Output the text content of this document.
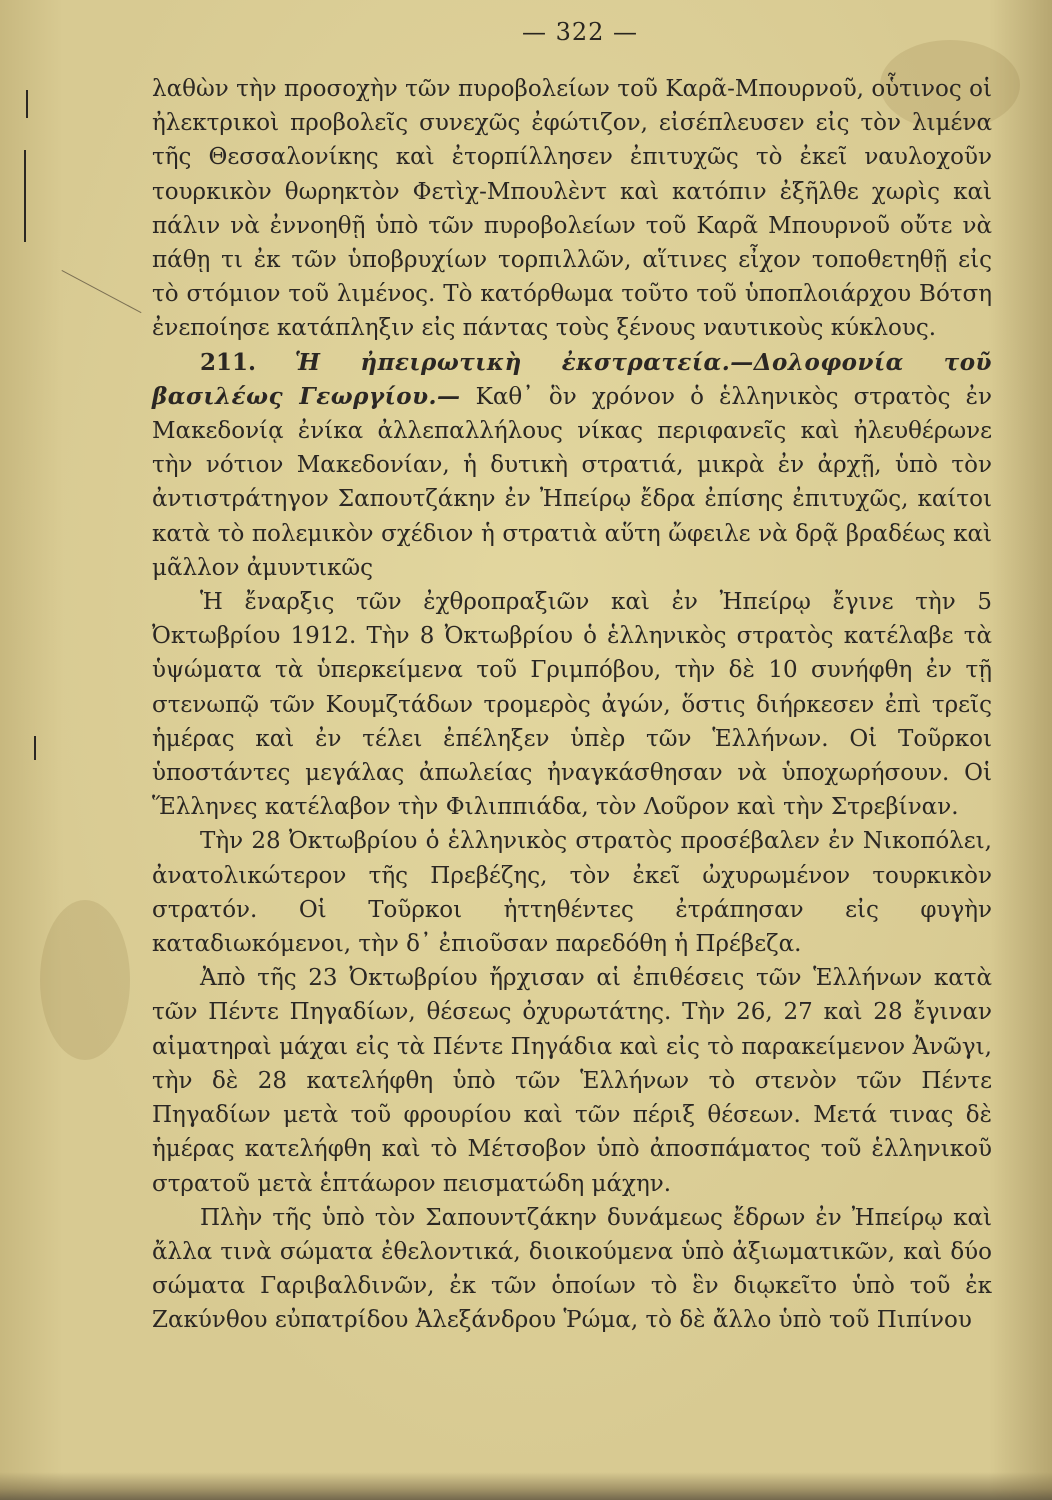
— 322 —

λαθὼν τὴν προσοχὴν τῶν πυροβολείων τοῦ Καρᾶ-Μπουρνοῦ, οὗτινος οἱ ἠλεκτρικοὶ προβολεῖς συνεχῶς ἐφώτιζον, εἰσέπλευσεν εἰς τὸν λιμένα τῆς Θεσσαλονίκης καὶ ἐτορπίλλησεν ἐπιτυχῶς τὸ ἐκεῖ ναυλοχοῦν τουρκικὸν θωρηκτὸν Φετὶχ-Μπουλὲντ καὶ κατόπιν ἐξῆλθε χωρὶς καὶ πάλιν νὰ ἐννοηθῇ ὑπὸ τῶν πυροβολείων τοῦ Καρᾶ Μπουρνοῦ οὔτε νὰ πάθῃ τι ἐκ τῶν ὑποβρυχίων τορπιλλῶν, αἵτινες εἶχον τοποθετηθῇ εἰς τὸ στόμιον τοῦ λιμένος. Τὸ κατόρθωμα τοῦτο τοῦ ὑποπλοιάρχου Βότση ἐνεποίησε κατάπληξιν εἰς πάντας τοὺς ξένους ναυτικοὺς κύκλους.

211. Ἡ ἠπειρωτικὴ ἐκστρατεία.—Δολοφονία τοῦ βασιλέως Γεωργίου.— Καθ᾽ ὃν χρόνον ὁ ἑλληνικὸς στρατὸς ἐν Μακεδονίᾳ ἐνίκα ἀλλεπαλλήλους νίκας περιφανεῖς καὶ ἠλευθέρωνε τὴν νότιον Μακεδονίαν, ἡ δυτικὴ στρατιά, μικρὰ ἐν ἀρχῇ, ὑπὸ τὸν ἀντιστράτηγον Σαπουτζάκην ἐν Ἠπείρῳ ἔδρα ἐπίσης ἐπιτυχῶς, καίτοι κατὰ τὸ πολεμικὸν σχέδιον ἡ στρατιὰ αὕτη ὤφειλε νὰ δρᾷ βραδέως καὶ μᾶλλον ἀμυντικῶς

Ἡ ἔναρξις τῶν ἐχθροπραξιῶν καὶ ἐν Ἠπείρῳ ἔγινε τὴν 5 Ὀκτωβρίου 1912. Τὴν 8 Ὀκτωβρίου ὁ ἑλληνικὸς στρατὸς κατέλαβε τὰ ὑψώματα τὰ ὑπερκείμενα τοῦ Γριμπόβου, τὴν δὲ 10 συνήφθη ἐν τῇ στενωπῷ τῶν Κουμζτάδων τρομερὸς ἀγών, ὅστις διήρκεσεν ἐπὶ τρεῖς ἡμέρας καὶ ἐν τέλει ἐπέληξεν ὑπὲρ τῶν Ἑλλήνων. Οἱ Τοῦρκοι ὑποστάντες μεγάλας ἀπωλείας ἠναγκάσθησαν νὰ ὑποχωρήσουν. Οἱ Ἕλληνες κατέλαβον τὴν Φιλιππιάδα, τὸν Λοῦρον καὶ τὴν Στρεβίναν.

Τὴν 28 Ὀκτωβρίου ὁ ἑλληνικὸς στρατὸς προσέβαλεν ἐν Νικοπόλει, ἀνατολικώτερον τῆς Πρεβέζης, τὸν ἐκεῖ ὠχυρωμένον τουρκικὸν στρατόν. Οἱ Τοῦρκοι ἡττηθέντες ἐτράπησαν εἰς φυγὴν καταδιωκόμενοι, τὴν δ᾽ ἐπιοῦσαν παρεδόθη ἡ Πρέβεζα.

Ἀπὸ τῆς 23 Ὀκτωβρίου ἤρχισαν αἱ ἐπιθέσεις τῶν Ἑλλήνων κατὰ τῶν Πέντε Πηγαδίων, θέσεως ὀχυρωτάτης. Τὴν 26, 27 καὶ 28 ἔγιναν αἱματηραὶ μάχαι εἰς τὰ Πέντε Πηγάδια καὶ εἰς τὸ παρακείμενον Ἀνῶγι, τὴν δὲ 28 κατελήφθη ὑπὸ τῶν Ἑλλήνων τὸ στενὸν τῶν Πέντε Πηγαδίων μετὰ τοῦ φρουρίου καὶ τῶν πέριξ θέσεων. Μετά τινας δὲ ἡμέρας κατελήφθη καὶ τὸ Μέτσοβον ὑπὸ ἀποσπάματος τοῦ ἑλληνικοῦ στρατοῦ μετὰ ἑπτάωρον πεισματώδη μάχην.

Πλὴν τῆς ὑπὸ τὸν Σαπουντζάκην δυνάμεως ἔδρων ἐν Ἠπείρῳ καὶ ἄλλα τινὰ σώματα ἐθελοντικά, διοικούμενα ὑπὸ ἀξιωματικῶν, καὶ δύο σώματα Γαριβαλδινῶν, ἐκ τῶν ὁποίων τὸ ἓν διῳκεῖτο ὑπὸ τοῦ ἐκ Ζακύνθου εὐπατρίδου Ἀλεξάνδρου Ῥώμα, τὸ δὲ ἄλλο ὑπὸ τοῦ Πιπίνου
